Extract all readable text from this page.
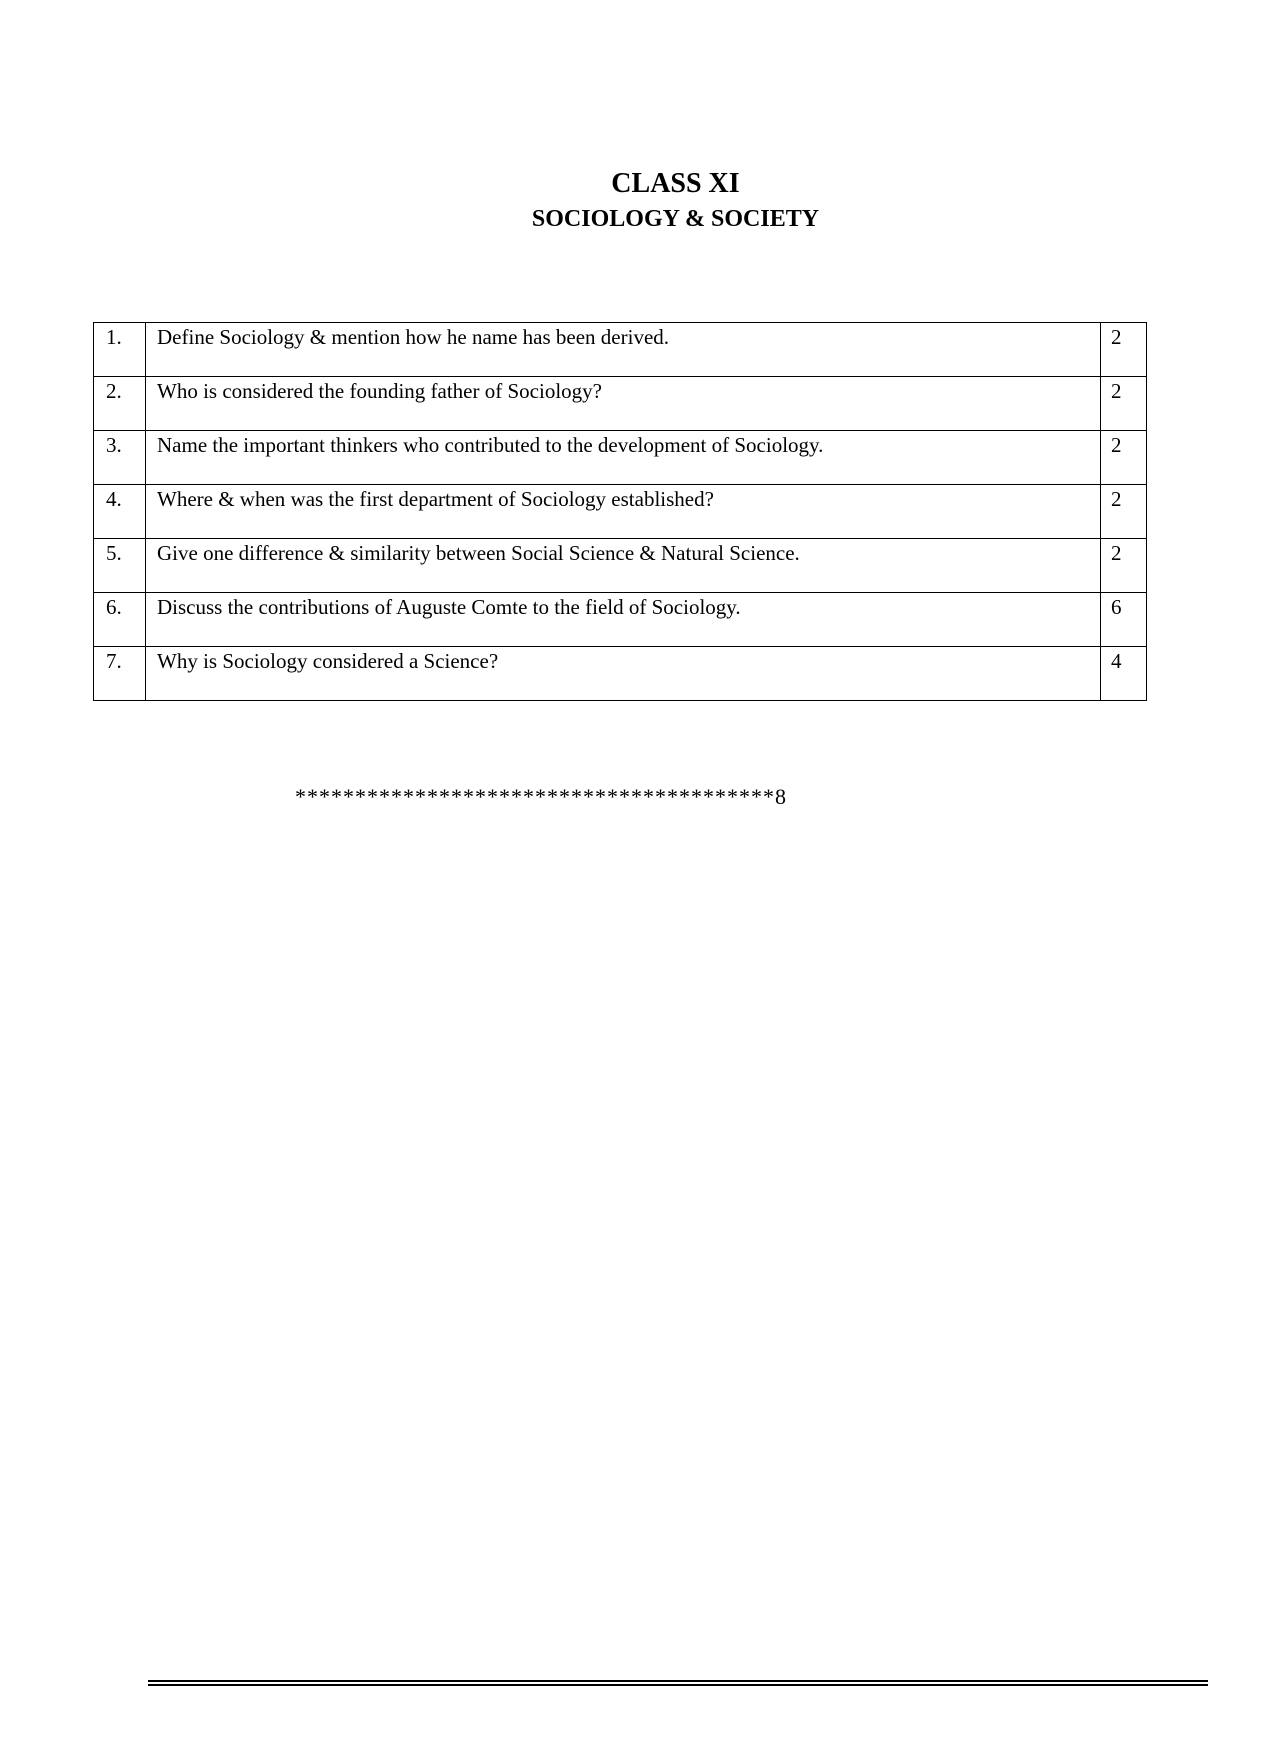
CLASS XI
SOCIOLOGY & SOCIETY
1.	Define Sociology & mention how he name has been derived.	2
2.	Who is considered the founding father of Sociology?	2
3.	Name the important thinkers who contributed to the development of Sociology.	2
4.	Where & when was the first department of Sociology established?	2
5.	Give one difference & similarity between Social Science & Natural Science.	2
6.	Discuss the contributions of Auguste Comte to the field of Sociology.	6
7.	Why is Sociology considered a Science?	4
****************************************8
